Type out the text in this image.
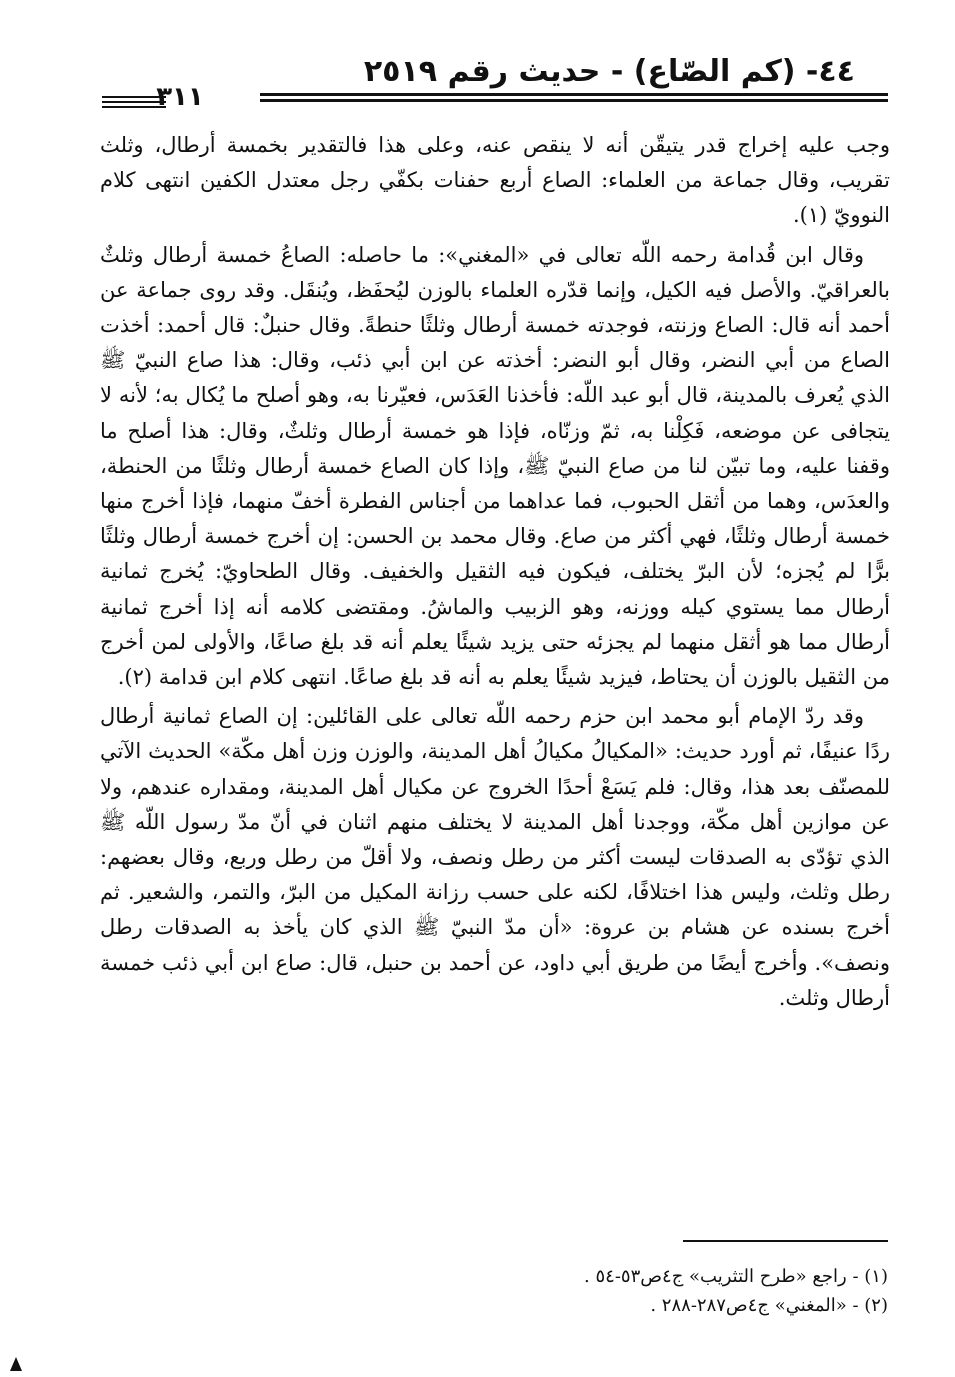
٤٤- (كم الصّاع) - حديث رقم ٢٥١٩
٣١١

وجب عليه إخراج قدر يتيقّن أنه لا ينقص عنه، وعلى هذا فالتقدير بخمسة أرطال، وثلث تقريب، وقال جماعة من العلماء: الصاع أربع حفنات بكفّي رجل معتدل الكفين انتهى كلام النوويّ (١).

وقال ابن قُدامة رحمه اللّه تعالى في «المغني»: ما حاصله: الصاعُ خمسة أرطال وثلثٌ بالعراقيّ. والأصل فيه الكيل، وإنما قدّره العلماء بالوزن ليُحفَظ، ويُنقَل. وقد روى جماعة عن أحمد أنه قال: الصاع وزنته، فوجدته خمسة أرطال وثلثًا حنطةً. وقال حنبلٌ: قال أحمد: أخذت الصاع من أبي النضر، وقال أبو النضر: أخذته عن ابن أبي ذئب، وقال: هذا صاع النبيّ ﷺ الذي يُعرف بالمدينة، قال أبو عبد اللّه: فأخذنا العَدَس، فعيّرنا به، وهو أصلح ما يُكال به؛ لأنه لا يتجافى عن موضعه، فَكِلْنا به، ثمّ وزنّاه، فإذا هو خمسة أرطال وثلثٌ، وقال: هذا أصلح ما وقفنا عليه، وما تبيّن لنا من صاع النبيّ ﷺ، وإذا كان الصاع خمسة أرطال وثلثًا من الحنطة، والعدَس، وهما من أثقل الحبوب، فما عداهما من أجناس الفطرة أخفّ منهما، فإذا أخرج منها خمسة أرطال وثلثًا، فهي أكثر من صاع. وقال محمد بن الحسن: إن أخرج خمسة أرطال وثلثًا برًّا لم يُجزه؛ لأن البرّ يختلف، فيكون فيه الثقيل والخفيف. وقال الطحاويّ: يُخرج ثمانية أرطال مما يستوي كيله ووزنه، وهو الزبيب والماشُ. ومقتضى كلامه أنه إذا أخرج ثمانية أرطال مما هو أثقل منهما لم يجزئه حتى يزيد شيئًا يعلم أنه قد بلغ صاعًا، والأولى لمن أخرج من الثقيل بالوزن أن يحتاط، فيزيد شيئًا يعلم به أنه قد بلغ صاعًا. انتهى كلام ابن قدامة (٢).

وقد ردّ الإمام أبو محمد ابن حزم رحمه اللّه تعالى على القائلين: إن الصاع ثمانية أرطال ردًا عنيفًا، ثم أورد حديث: «المكيالُ مكيالُ أهل المدينة، والوزن وزن أهل مكّة» الحديث الآتي للمصنّف بعد هذا، وقال: فلم يَسَعْ أحدًا الخروج عن مكيال أهل المدينة، ومقداره عندهم، ولا عن موازين أهل مكّة، ووجدنا أهل المدينة لا يختلف منهم اثنان في أنّ مدّ رسول اللّه ﷺ الذي تؤدّى به الصدقات ليست أكثر من رطل ونصف، ولا أقلّ من رطل وربع، وقال بعضهم: رطل وثلث، وليس هذا اختلافًا، لكنه على حسب رزانة المكيل من البرّ، والتمر، والشعير. ثم أخرج بسنده عن هشام بن عروة: «أن مدّ النبيّ ﷺ الذي كان يأخذ به الصدقات رطل ونصف». وأخرج أيضًا من طريق أبي داود، عن أحمد بن حنبل، قال: صاع ابن أبي ذئب خمسة أرطال وثلث.

(١) - راجع «طرح التثريب» ج٤ص٥٣-٥٤ .

(٢) - «المغني» ج٤ص٢٨٧-٢٨٨ .
